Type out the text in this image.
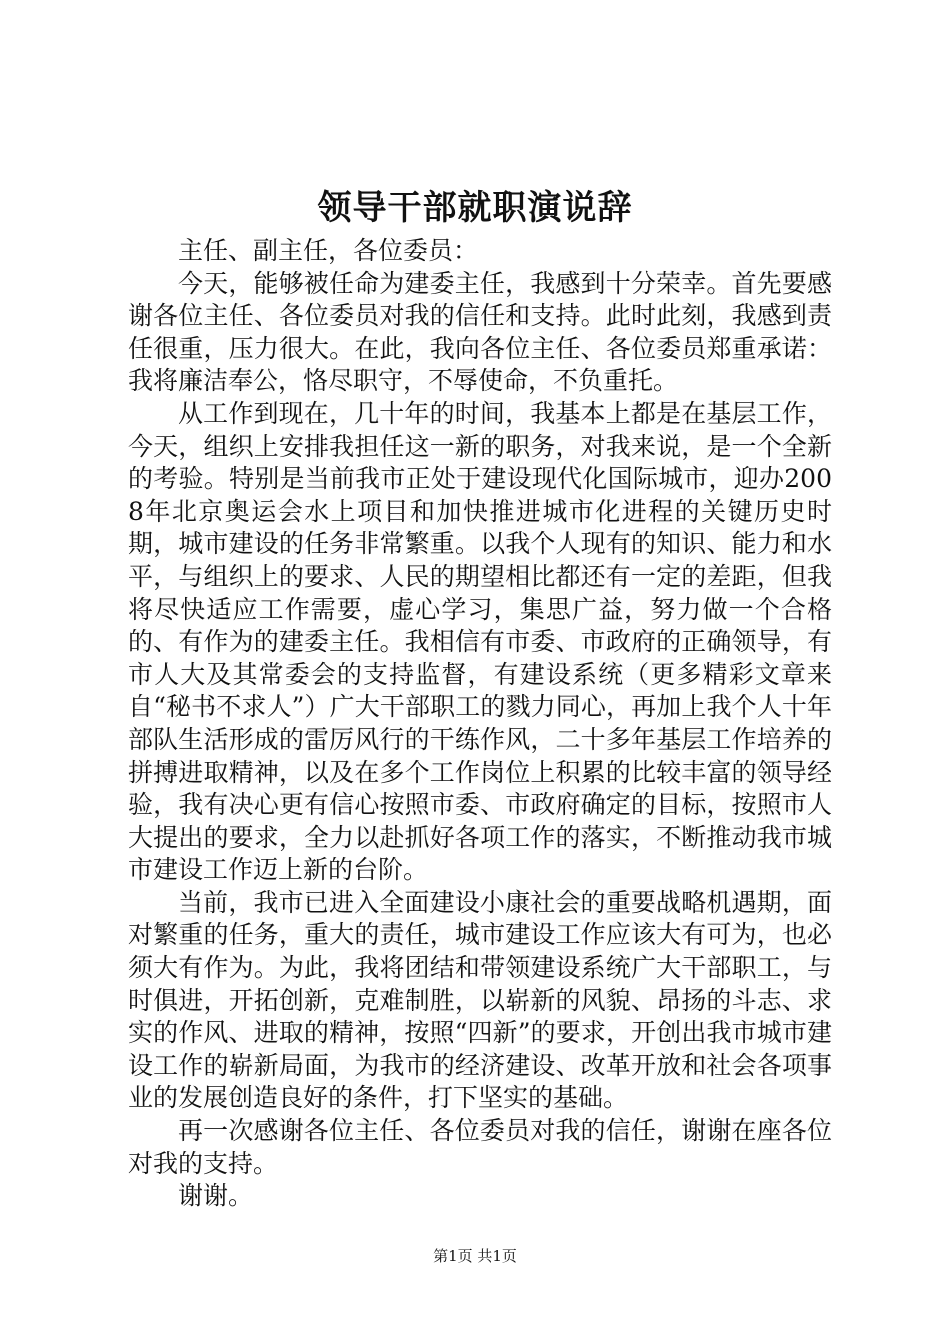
领导干部就职演说辞

主任、副主任，各位委员：

今天，能够被任命为建委主任，我感到十分荣幸。首先要感谢各位主任、各位委员对我的信任和支持。此时此刻，我感到责任很重，压力很大。在此，我向各位主任、各位委员郑重承诺：我将廉洁奉公，恪尽职守，不辱使命，不负重托。

从工作到现在，几十年的时间，我基本上都是在基层工作，今天，组织上安排我担任这一新的职务，对我来说，是一个全新的考验。特别是当前我市正处于建设现代化国际城市，迎办2008年北京奥运会水上项目和加快推进城市化进程的关键历史时期，城市建设的任务非常繁重。以我个人现有的知识、能力和水平，与组织上的要求、人民的期望相比都还有一定的差距，但我将尽快适应工作需要，虚心学习，集思广益，努力做一个合格的、有作为的建委主任。我相信有市委、市政府的正确领导，有市人大及其常委会的支持监督，有建设系统（更多精彩文章来自“秘书不求人”）广大干部职工的戮力同心，再加上我个人十年部队生活形成的雷厉风行的干练作风，二十多年基层工作培养的拼搏进取精神，以及在多个工作岗位上积累的比较丰富的领导经验，我有决心更有信心按照市委、市政府确定的目标，按照市人大提出的要求，全力以赴抓好各项工作的落实，不断推动我市城市建设工作迈上新的台阶。

当前，我市已进入全面建设小康社会的重要战略机遇期，面对繁重的任务，重大的责任，城市建设工作应该大有可为，也必须大有作为。为此，我将团结和带领建设系统广大干部职工，与时俱进，开拓创新，克难制胜，以崭新的风貌、昂扬的斗志、求实的作风、进取的精神，按照“四新”的要求，开创出我市城市建设工作的崭新局面，为我市的经济建设、改革开放和社会各项事业的发展创造良好的条件，打下坚实的基础。

再一次感谢各位主任、各位委员对我的信任，谢谢在座各位对我的支持。

谢谢。

第1页 共1页
